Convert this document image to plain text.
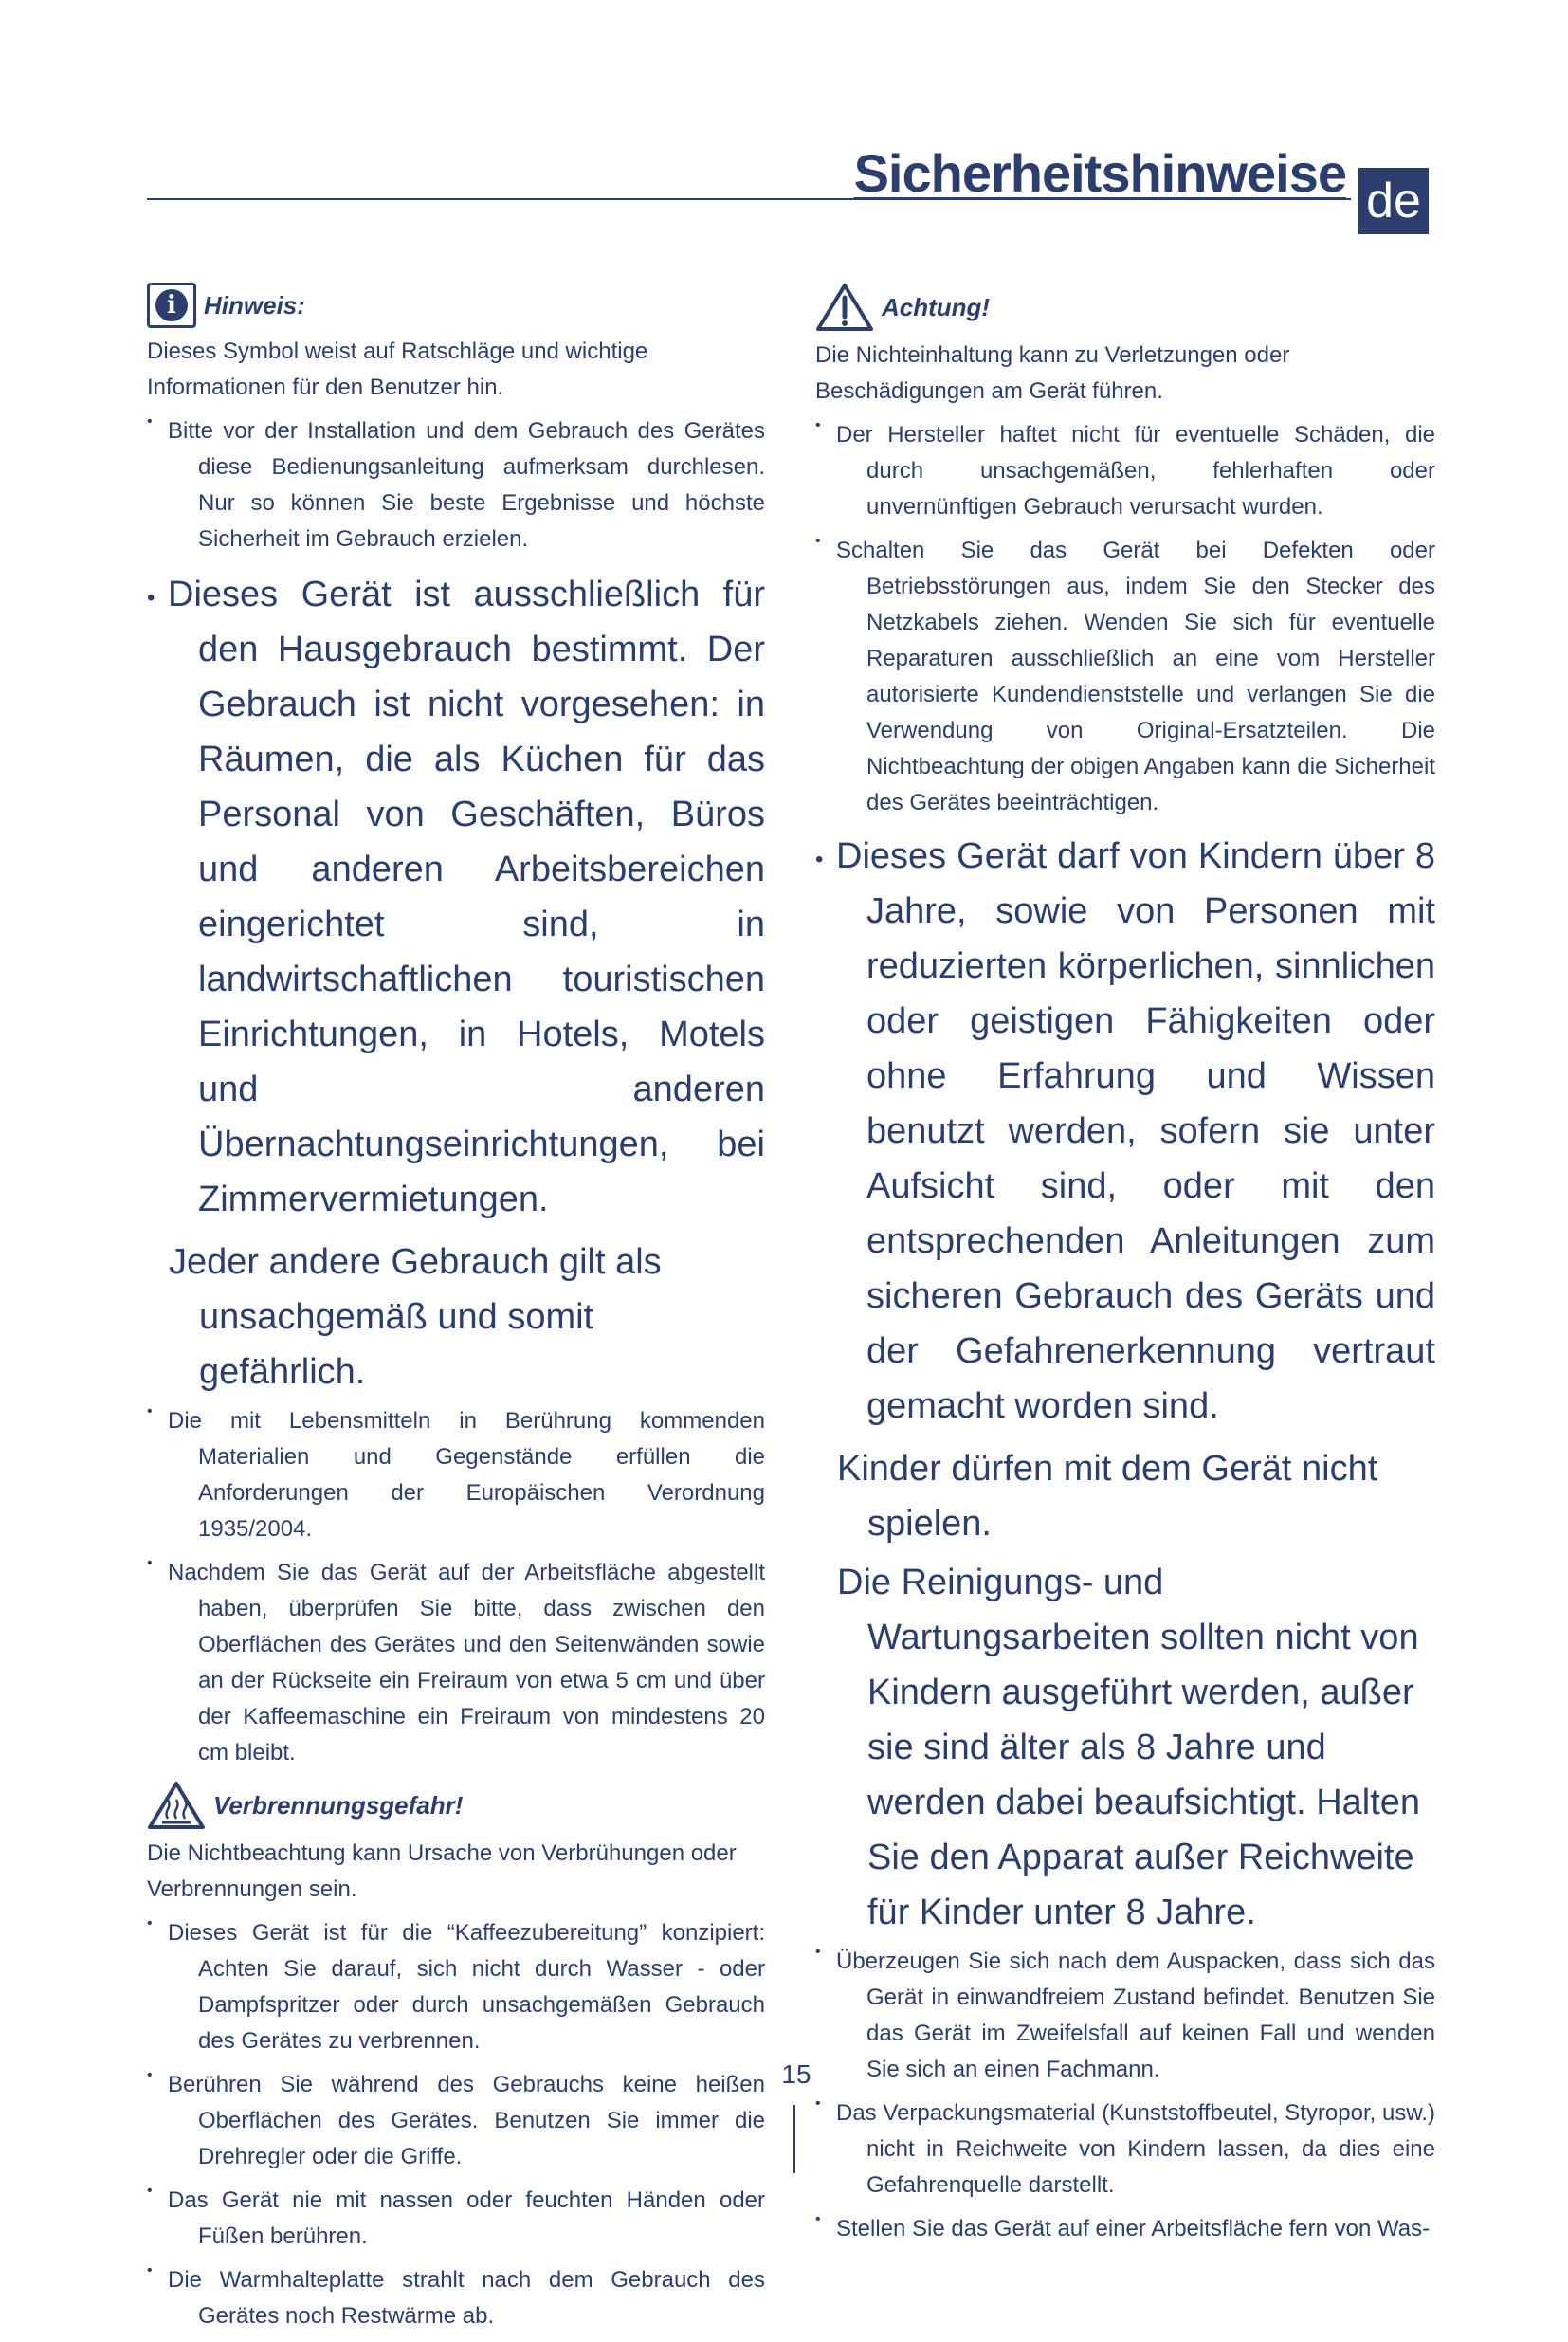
Sicherheitshinweise de
i	Hinweis:

Dieses Symbol weist auf Ratschläge und wichtige Informationen für den Benutzer hin.

• Bitte vor der Installation und dem Gebrauch des Gerätes diese Bedienungsanleitung aufmerksam durchlesen. Nur so können Sie beste Ergebnisse und höchste Sicherheit im Gebrauch erzielen.
• Dieses Gerät ist ausschließlich für den Hausgebrauch bestimmt. Der Gebrauch ist nicht vorgesehen: in Räumen, die als Küchen für das Personal von Geschäften, Büros und anderen Arbeitsbereichen eingerichtet sind, in landwirtschaftlichen touristischen Einrichtungen, in Hotels, Motels und anderen Übernachtungseinrichtungen, bei Zimmervermietungen.

Jeder andere Gebrauch gilt als unsachgemäß und somit gefährlich.

• Die mit Lebensmitteln in Berührung kommenden Materialien und Gegenstände erfüllen die Anforderungen der Europäischen Verordnung 1935/2004.
• Nachdem Sie das Gerät auf der Arbeitsfläche abgestellt haben, überprüfen Sie bitte, dass zwischen den Oberflächen des Gerätes und den Seitenwänden sowie an der Rückseite ein Freiraum von etwa 5 cm und über der Kaffeemaschine ein Freiraum von mindestens 20 cm bleibt.
Verbrennungsgefahr!

Die Nichtbeachtung kann Ursache von Verbrühungen oder Verbrennungen sein.

• Dieses Gerät ist für die “Kaffeezubereitung” konzipiert: Achten Sie darauf, sich nicht durch Wasser - oder Dampfspritzer oder durch unsachgemäßen Gebrauch des Gerätes zu verbrennen.
• Berühren Sie während des Gebrauchs keine heißen Oberflächen des Gerätes. Benutzen Sie immer die Drehregler oder die Griffe.
• Das Gerät nie mit nassen oder feuchten Händen oder Füßen berühren.
• Die Warmhalteplatte strahlt nach dem Gebrauch des Gerätes noch Restwärme ab.
Achtung!

Die Nichteinhaltung kann zu Verletzungen oder Beschädigungen am Gerät führen.

• Der Hersteller haftet nicht für eventuelle Schäden, die durch unsachgemäßen, fehlerhaften oder unvernünftigen Gebrauch verursacht wurden.
• Schalten Sie das Gerät bei Defekten oder Betriebsstörungen aus, indem Sie den Stecker des Netzkabels ziehen. Wenden Sie sich für eventuelle Reparaturen ausschließlich an eine vom Hersteller autorisierte Kundendienststelle und verlangen Sie die Verwendung von Original-Ersatzteilen. Die Nichtbeachtung der obigen Angaben kann die Sicherheit des Gerätes beeinträchtigen.
• Dieses Gerät darf von Kindern über 8 Jahre, sowie von Personen mit reduzierten körperlichen, sinnlichen oder geistigen Fähigkeiten oder ohne Erfahrung und Wissen benutzt werden, sofern sie unter Aufsicht sind, oder mit den entsprechenden Anleitungen zum sicheren Gebrauch des Geräts und der Gefahrenerkennung vertraut gemacht worden sind.

Kinder dürfen mit dem Gerät nicht spielen.

Die Reinigungs- und Wartungsarbeiten sollten nicht von Kindern ausgeführt werden, außer sie sind älter als 8 Jahre und werden dabei beaufsichtigt. Halten Sie den Apparat außer Reichweite für Kinder unter 8 Jahre.

• Überzeugen Sie sich nach dem Auspacken, dass sich das Gerät in einwandfreiem Zustand befindet. Benutzen Sie das Gerät im Zweifelsfall auf keinen Fall und wenden Sie sich an einen Fachmann.
• Das Verpackungsmaterial (Kunststoffbeutel, Styropor, usw.) nicht in Reichweite von Kindern lassen, da dies eine Gefahrenquelle darstellt.
• Stellen Sie das Gerät auf einer Arbeitsfläche fern von Was-
15
